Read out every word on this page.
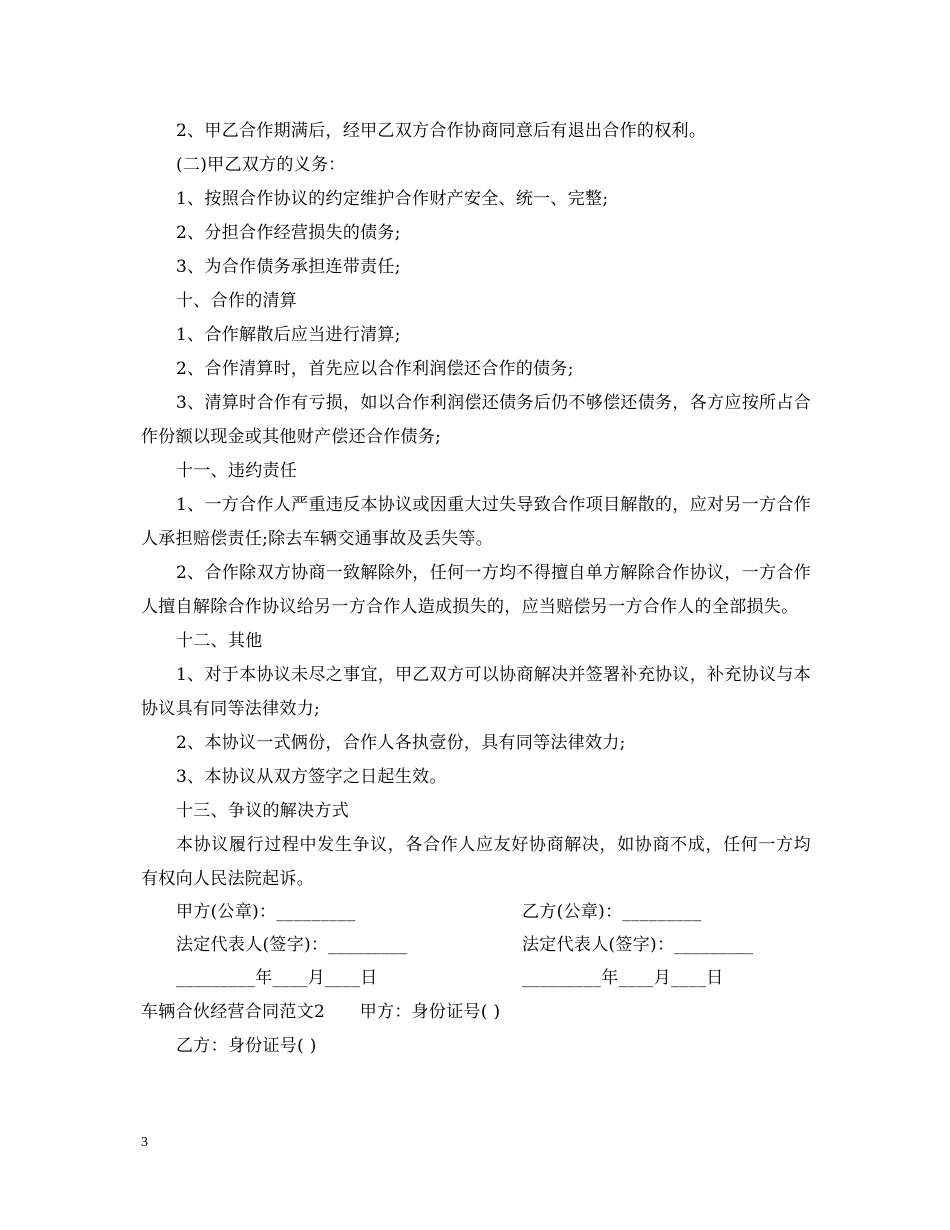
2、甲乙合作期满后，经甲乙双方合作协商同意后有退出合作的权利。

(二)甲乙双方的义务：

1、按照合作协议的约定维护合作财产安全、统一、完整;

2、分担合作经营损失的债务;

3、为合作债务承担连带责任;

十、合作的清算

1、合作解散后应当进行清算;

2、合作清算时，首先应以合作利润偿还合作的债务;

3、清算时合作有亏损，如以合作利润偿还债务后仍不够偿还债务，各方应按所占合作份额以现金或其他财产偿还合作债务;

十一、违约责任

1、一方合作人严重违反本协议或因重大过失导致合作项目解散的，应对另一方合作人承担赔偿责任;除去车辆交通事故及丢失等。

2、合作除双方协商一致解除外，任何一方均不得擅自单方解除合作协议，一方合作人擅自解除合作协议给另一方合作人造成损失的，应当赔偿另一方合作人的全部损失。

十二、其他

1、对于本协议未尽之事宜，甲乙双方可以协商解决并签署补充协议，补充协议与本协议具有同等法律效力;

2、本协议一式俩份，合作人各执壹份，具有同等法律效力;

3、本协议从双方签字之日起生效。

十三、争议的解决方式

本协议履行过程中发生争议，各合作人应友好协商解决，如协商不成，任何一方均有权向人民法院起诉。

甲方(公章)：_________	乙方(公章)：_________
法定代表人(签字)：_________	法定代表人(签字)：_________
_________年____月____日	_________年____月____日

车辆合伙经营合同范文2　　甲方：身份证号( )

乙方：身份证号( )

3
